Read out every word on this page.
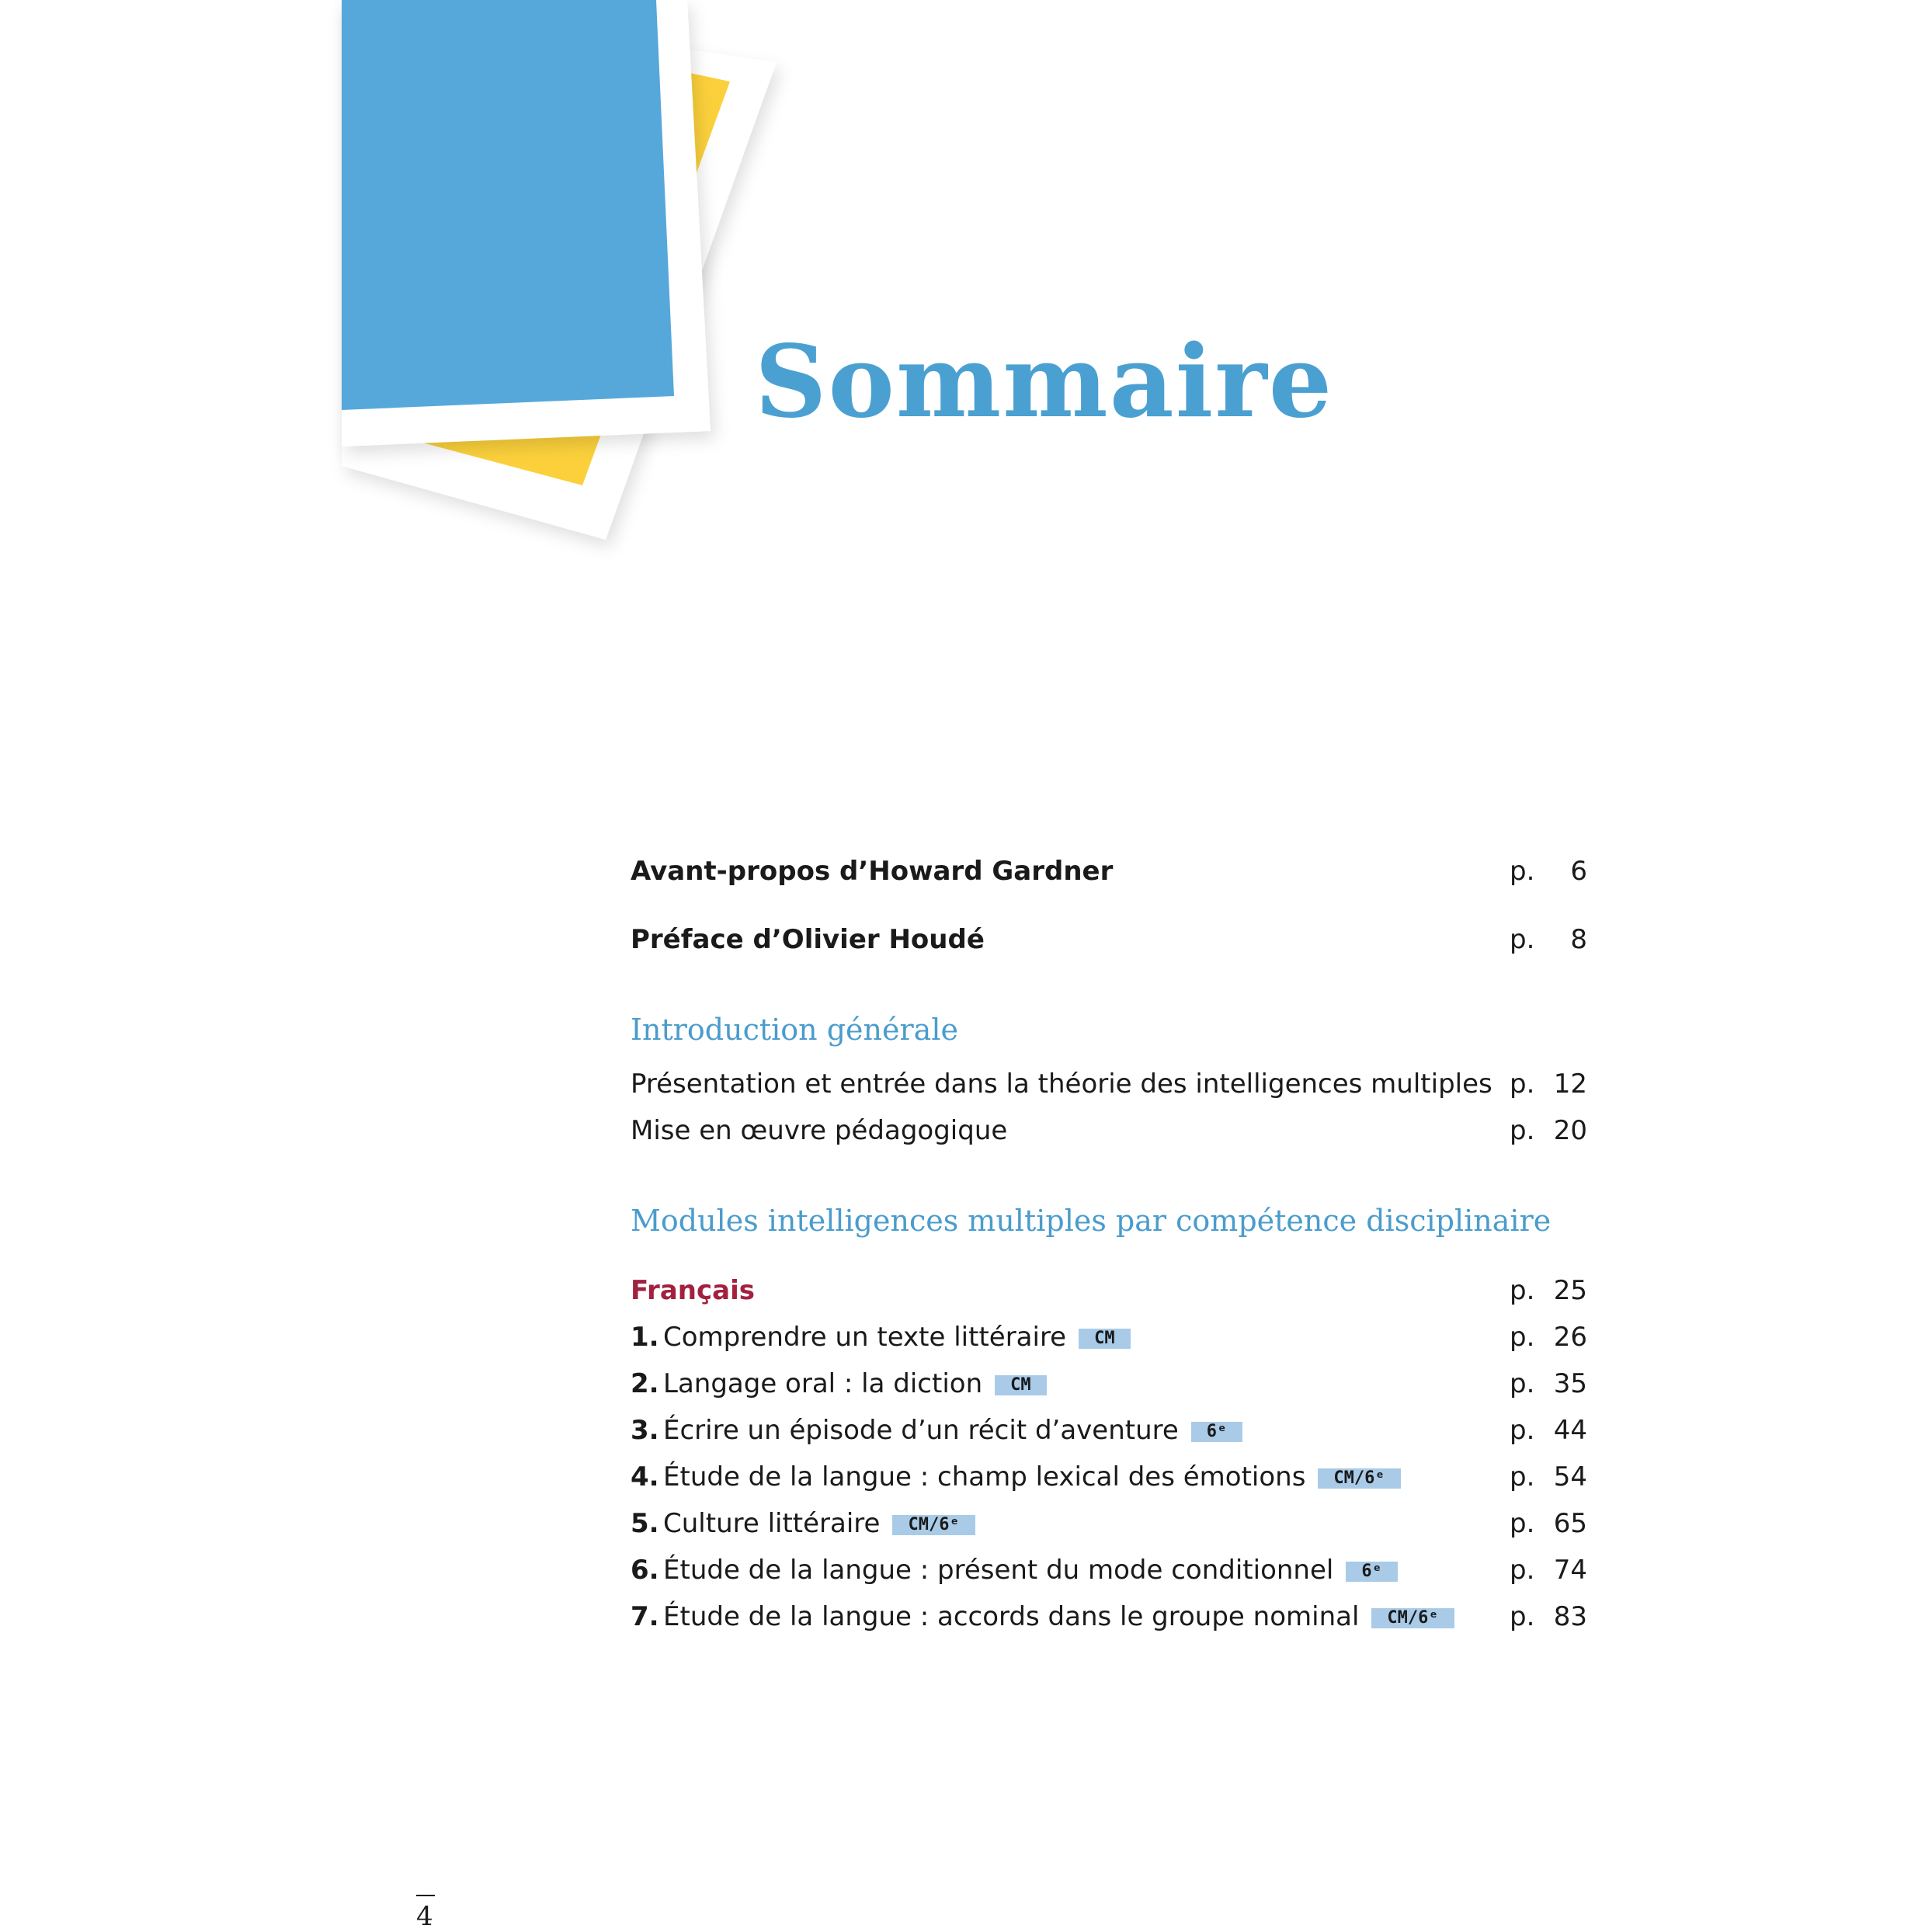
Sommaire
Avant-propos d’Howard Gardner	p. 6
Préface d’Olivier Houdé	p. 8
Introduction générale
Présentation et entrée dans la théorie des intelligences multiples p. 12
Mise en œuvre pédagogique	p. 20
Modules intelligences multiples par compétence disciplinaire
Français	p. 25
1. Comprendre un texte littéraire CM	p. 26
2. Langage oral : la diction CM	p. 35
3. Écrire un épisode d’un récit d’aventure 6ᵉ	p. 44
4. Étude de la langue : champ lexical des émotions CM/6ᵉ	p. 54
5. Culture littéraire CM/6ᵉ	p. 65
6. Étude de la langue : présent du mode conditionnel 6ᵉ	p. 74
7. Étude de la langue : accords dans le groupe nominal CM/6ᵉ	p. 83
4
